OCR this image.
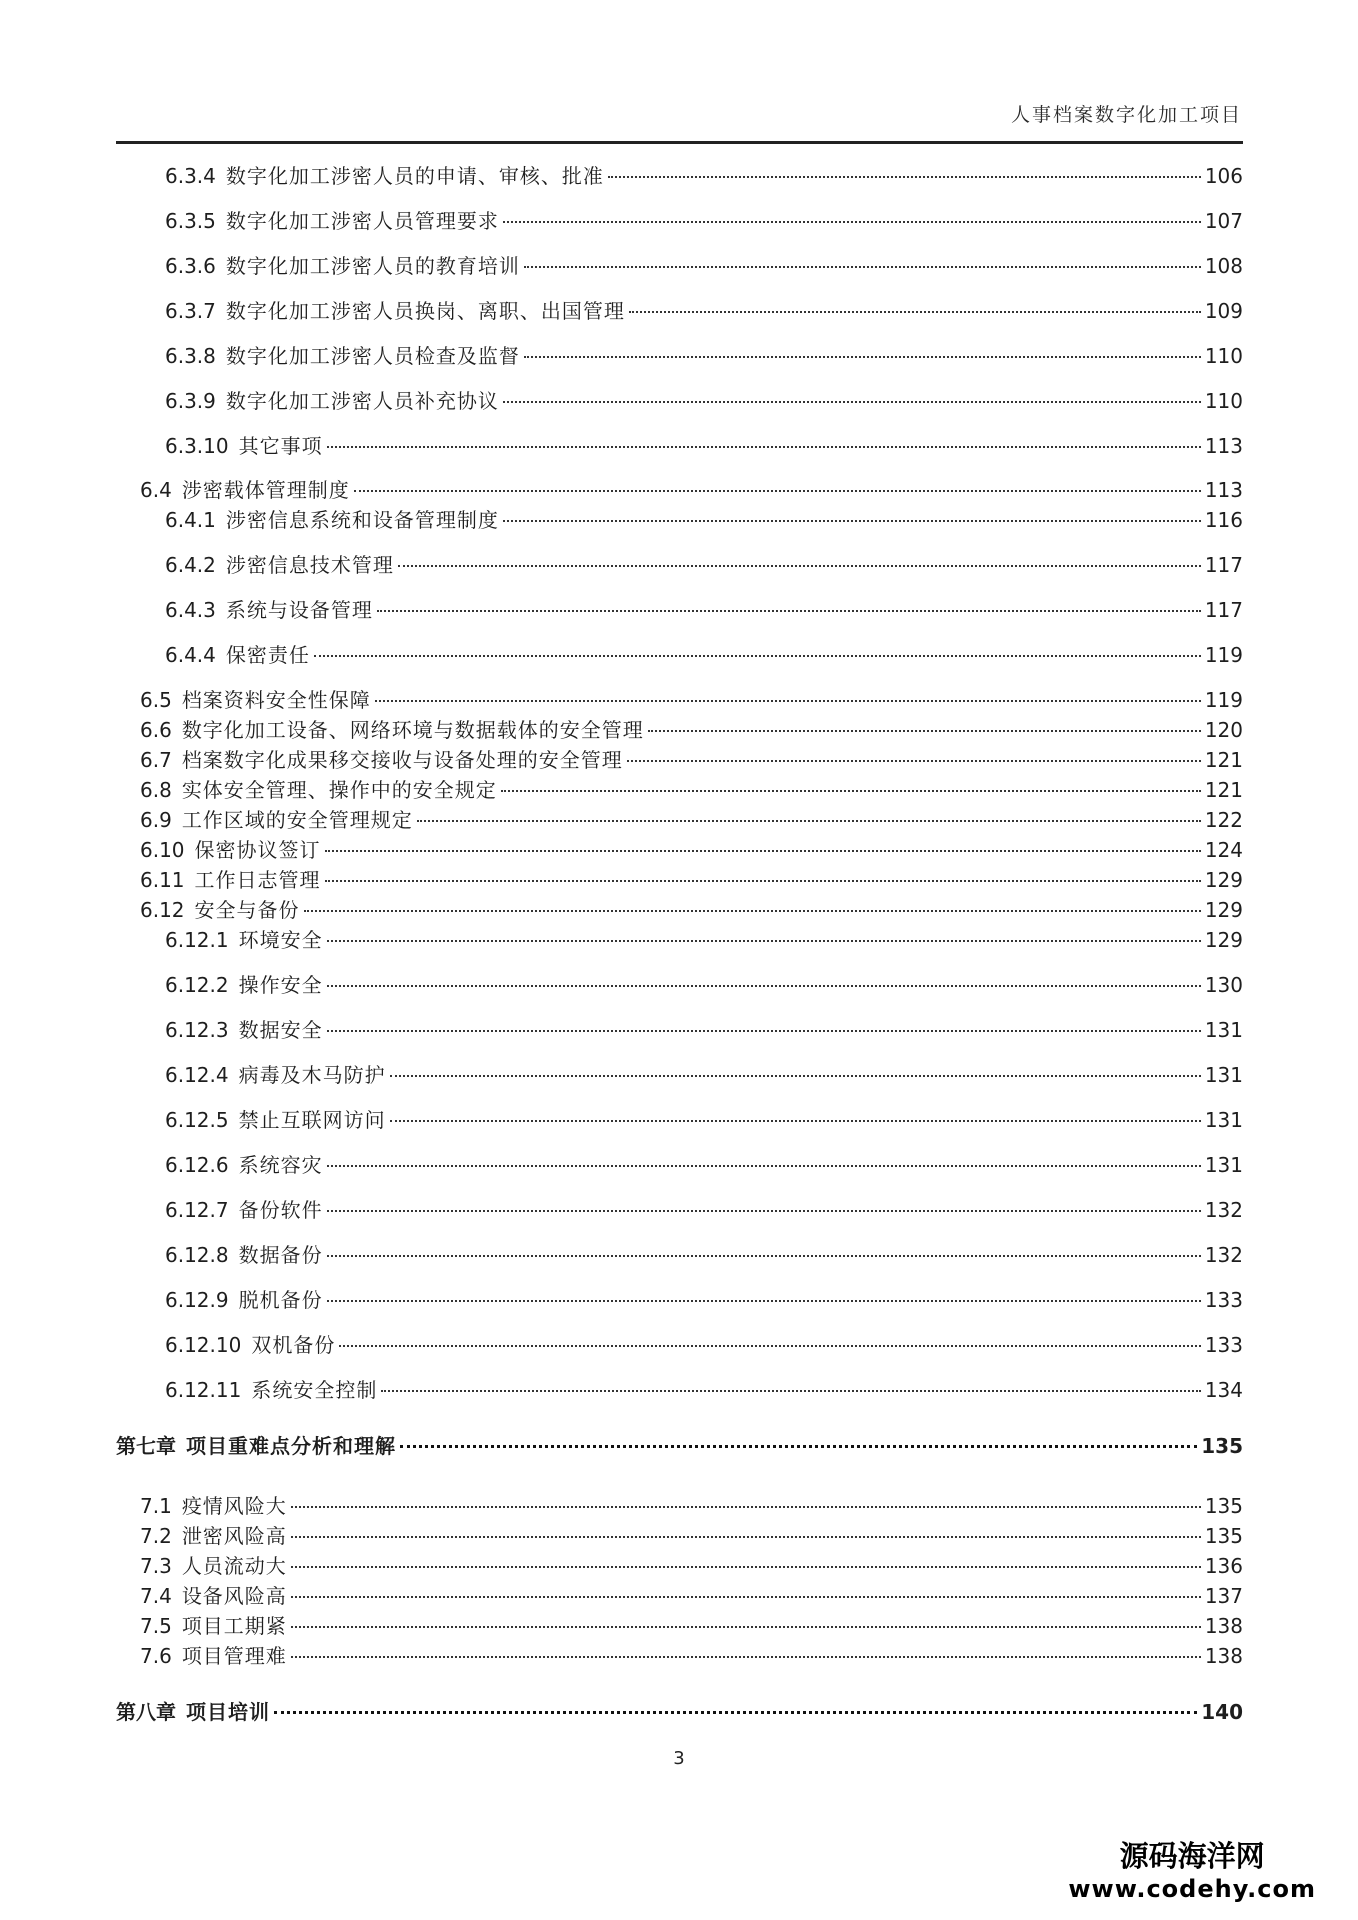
人事档案数字化加工项目
6.3.4 数字化加工涉密人员的申请、审核、批准	106
6.3.5 数字化加工涉密人员管理要求	107
6.3.6 数字化加工涉密人员的教育培训	108
6.3.7 数字化加工涉密人员换岗、离职、出国管理	109
6.3.8 数字化加工涉密人员检查及监督	110
6.3.9 数字化加工涉密人员补充协议	110
6.3.10 其它事项	113
6.4 涉密载体管理制度	113
6.4.1 涉密信息系统和设备管理制度	116
6.4.2 涉密信息技术管理	117
6.4.3 系统与设备管理	117
6.4.4 保密责任	119
6.5 档案资料安全性保障	119
6.6 数字化加工设备、网络环境与数据载体的安全管理	120
6.7 档案数字化成果移交接收与设备处理的安全管理	121
6.8 实体安全管理、操作中的安全规定	121
6.9 工作区域的安全管理规定	122
6.10 保密协议签订	124
6.11 工作日志管理	129
6.12 安全与备份	129
6.12.1 环境安全	129
6.12.2 操作安全	130
6.12.3 数据安全	131
6.12.4 病毒及木马防护	131
6.12.5 禁止互联网访问	131
6.12.6 系统容灾	131
6.12.7 备份软件	132
6.12.8 数据备份	132
6.12.9 脱机备份	133
6.12.10 双机备份	133
6.12.11 系统安全控制	134
第七章 项目重难点分析和理解	135
7.1 疫情风险大	135
7.2 泄密风险高	135
7.3 人员流动大	136
7.4 设备风险高	137
7.5 项目工期紧	138
7.6 项目管理难	138
第八章 项目培训	140
3
源码海洋网
www.codehy.com
